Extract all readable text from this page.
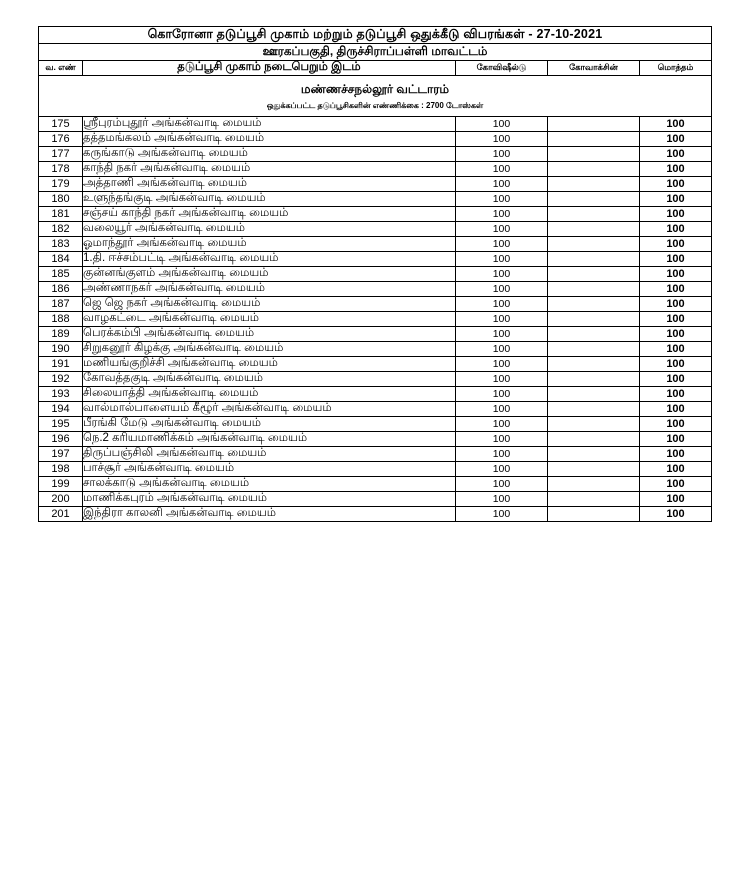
கொரோனா தடுப்பூசி முகாம் மற்றும் தடுப்பூசி ஒதுக்கீடு விபரங்கள் - 27-10-2021				
ஊரகப்பகுதி, திருச்சிராப்பள்ளி மாவட்டம்				
வ. எண்	தடுப்பூசி முகாம் நடைபெறும் இடம்	கோவிஷீல்டு	கோவாக்சின்	மொத்தம்

மண்ணச்சநல்லூர் வட்டாரம்
ஒதுக்கப்பட்ட தடுப்பூசிகளின் எண்ணிக்கை : 2700 டோஸ்கள்				

175	ஸ்ரீபுரம்புதூர் அங்கன்வாடி மையம்	100		100
176	தத்தமங்கலம் அங்கன்வாடி மையம்	100		100
177	கருங்காடு அங்கன்வாடி மையம்	100		100
178	காந்தி நகர் அங்கன்வாடி மையம்	100		100
179	அத்தாணி அங்கன்வாடி மையம்	100		100
180	உளுந்தங்குடி அங்கன்வாடி மையம்	100		100
181	சஞ்சய் காந்தி நகர் அங்கன்வாடி மையம்	100		100
182	வலையூர் அங்கன்வாடி மையம்	100		100
183	ஓமாந்தூர் அங்கன்வாடி மையம்	100		100
184	1.தி. ஈச்சம்பட்டி அங்கன்வாடி மையம்	100		100
185	குன்னங்குளம் அங்கன்வாடி மையம்	100		100
186	அண்ணாநகர் அங்கன்வாடி மையம்	100		100
187	ஜெ ஜெ நகர் அங்கன்வாடி மையம்	100		100
188	வாழகட்டை அங்கன்வாடி மையம்	100		100
189	பெரக்கம்பி அங்கன்வாடி மையம்	100		100
190	சிறுகனூர் கிழக்கு அங்கன்வாடி மையம்	100		100
191	மணியங்குறிச்சி அங்கன்வாடி மையம்	100		100
192	கோவத்தகுடி அங்கன்வாடி மையம்	100		100
193	சிலையாத்தி அங்கன்வாடி மையம்	100		100
194	வால்மால்பாளையம் கீழூர் அங்கன்வாடி மையம்	100		100
195	பீரங்கி மேடு அங்கன்வாடி மையம்	100		100
196	நெ.2 கரியமாணிக்கம் அங்கன்வாடி மையம்	100		100
197	திருப்பஞ்சிலி அங்கன்வாடி மையம்	100		100
198	பாச்சூர் அங்கன்வாடி மையம்	100		100
199	சாலக்காடு அங்கன்வாடி மையம்	100		100
200	மாணிக்கபுரம் அங்கன்வாடி மையம்	100		100
201	இந்திரா காலனி அங்கன்வாடி மையம்	100		100
